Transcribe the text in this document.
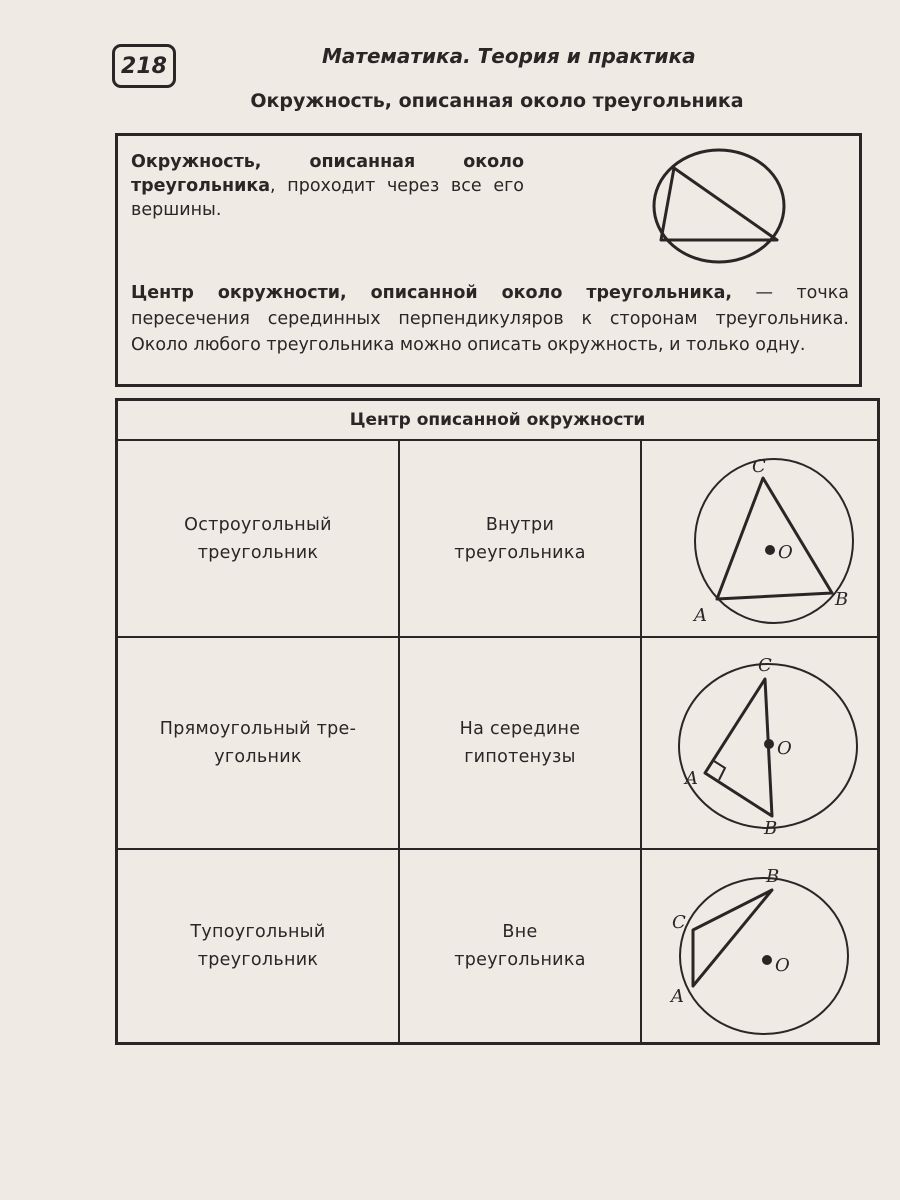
218	Математика. Теория и практика
Окружность, описанная около треугольника
Окружность, описанная около треугольника, проходит через все его вершины.
Центр окружности, описанной около треугольника, — точка пересечения серединных перпендикуляров к сторонам треугольника. Около любого треугольника можно описать окружность, и только одну.
Центр описанной окружности
Остроугольный
треугольник
Внутри
треугольника
C
B
A
O
Прямоугольный тре-
угольник
На середине
гипотенузы
C
O
A
B
Тупоугольный
треугольник
Вне
треугольника
B
C
O
A
